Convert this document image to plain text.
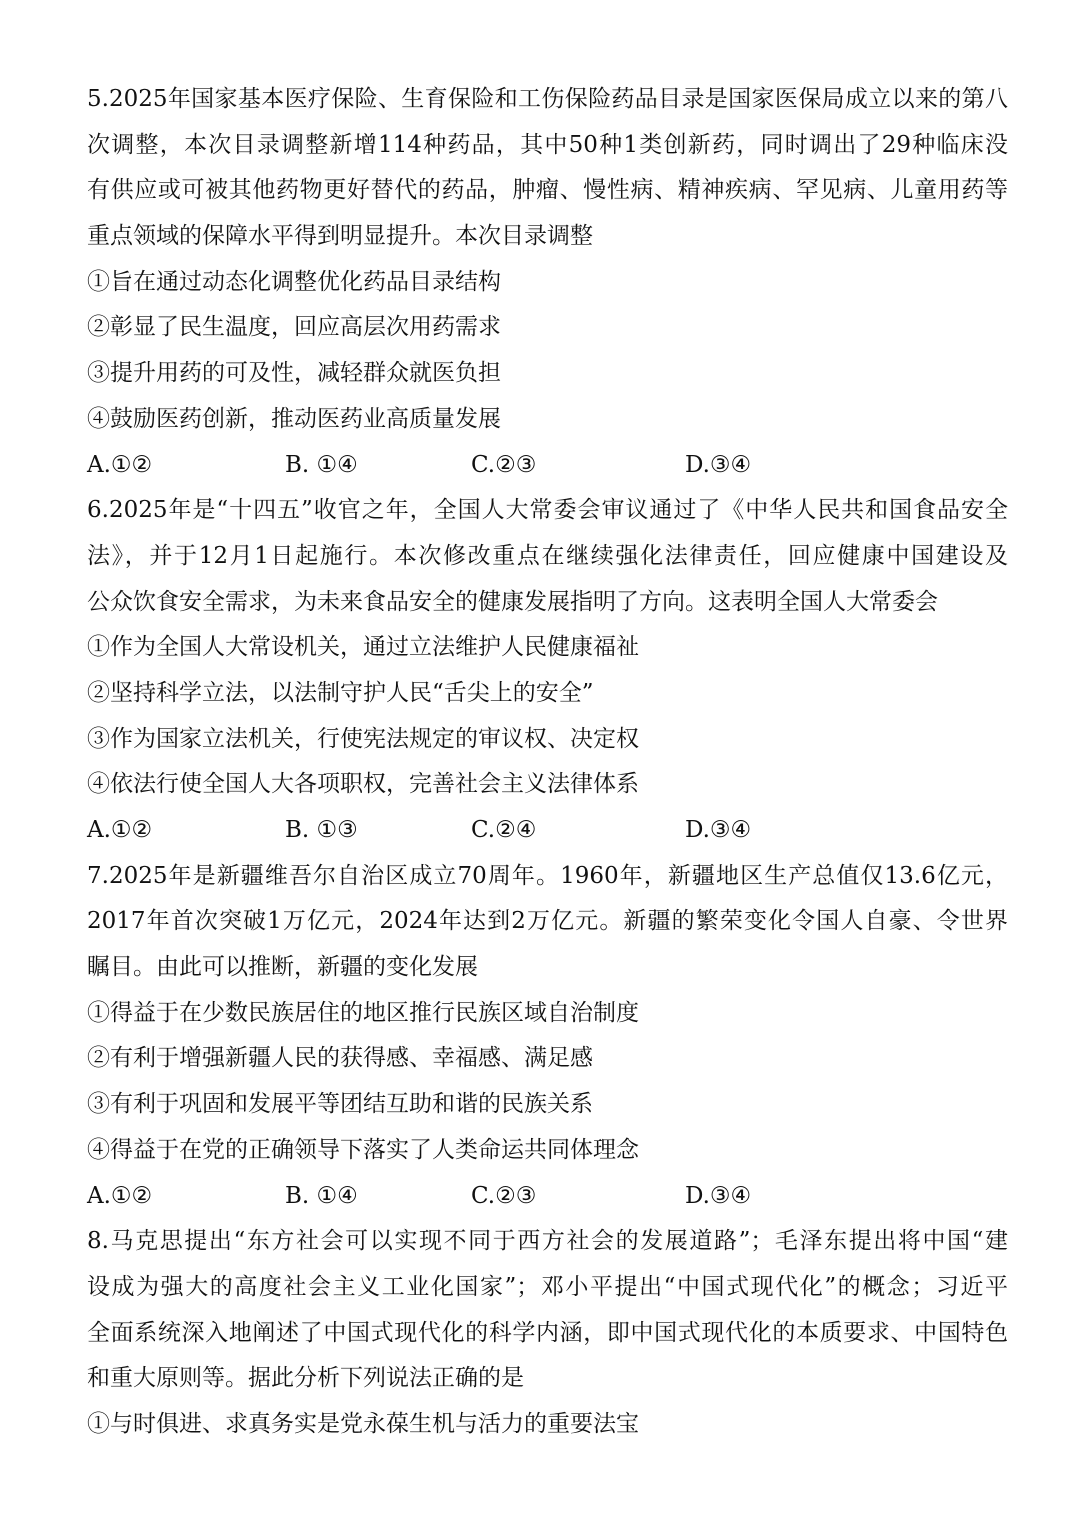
5.2025年国家基本医疗保险、生育保险和工伤保险药品目录是国家医保局成立以来的第八

次调整，本次目录调整新增114种药品，其中50种1类创新药，同时调出了29种临床没

有供应或可被其他药物更好替代的药品，肿瘤、慢性病、精神疾病、罕见病、儿童用药等

重点领域的保障水平得到明显提升。本次目录调整

①旨在通过动态化调整优化药品目录结构

②彰显了民生温度，回应高层次用药需求

③提升用药的可及性，减轻群众就医负担

④鼓励医药创新，推动医药业高质量发展

A.①②	B. ①④	C.②③	D.③④

6.2025年是“十四五”收官之年，全国人大常委会审议通过了《中华人民共和国食品安全

法》，并于12月1日起施行。本次修改重点在继续强化法律责任，回应健康中国建设及

公众饮食安全需求，为未来食品安全的健康发展指明了方向。这表明全国人大常委会

①作为全国人大常设机关，通过立法维护人民健康福祉

②坚持科学立法，以法制守护人民“舌尖上的安全”

③作为国家立法机关，行使宪法规定的审议权、决定权

④依法行使全国人大各项职权，完善社会主义法律体系

A.①②	B. ①③	C.②④	D.③④

7.2025年是新疆维吾尔自治区成立70周年。1960年，新疆地区生产总值仅13.6亿元，

2017年首次突破1万亿元，2024年达到2万亿元。新疆的繁荣变化令国人自豪、令世界

瞩目。由此可以推断，新疆的变化发展

①得益于在少数民族居住的地区推行民族区域自治制度

②有利于增强新疆人民的获得感、幸福感、满足感

③有利于巩固和发展平等团结互助和谐的民族关系

④得益于在党的正确领导下落实了人类命运共同体理念

A.①②	B. ①④	C.②③	D.③④

8.马克思提出“东方社会可以实现不同于西方社会的发展道路”；毛泽东提出将中国“建

设成为强大的高度社会主义工业化国家”；邓小平提出“中国式现代化”的概念；习近平

全面系统深入地阐述了中国式现代化的科学内涵，即中国式现代化的本质要求、中国特色

和重大原则等。据此分析下列说法正确的是

①与时俱进、求真务实是党永葆生机与活力的重要法宝
